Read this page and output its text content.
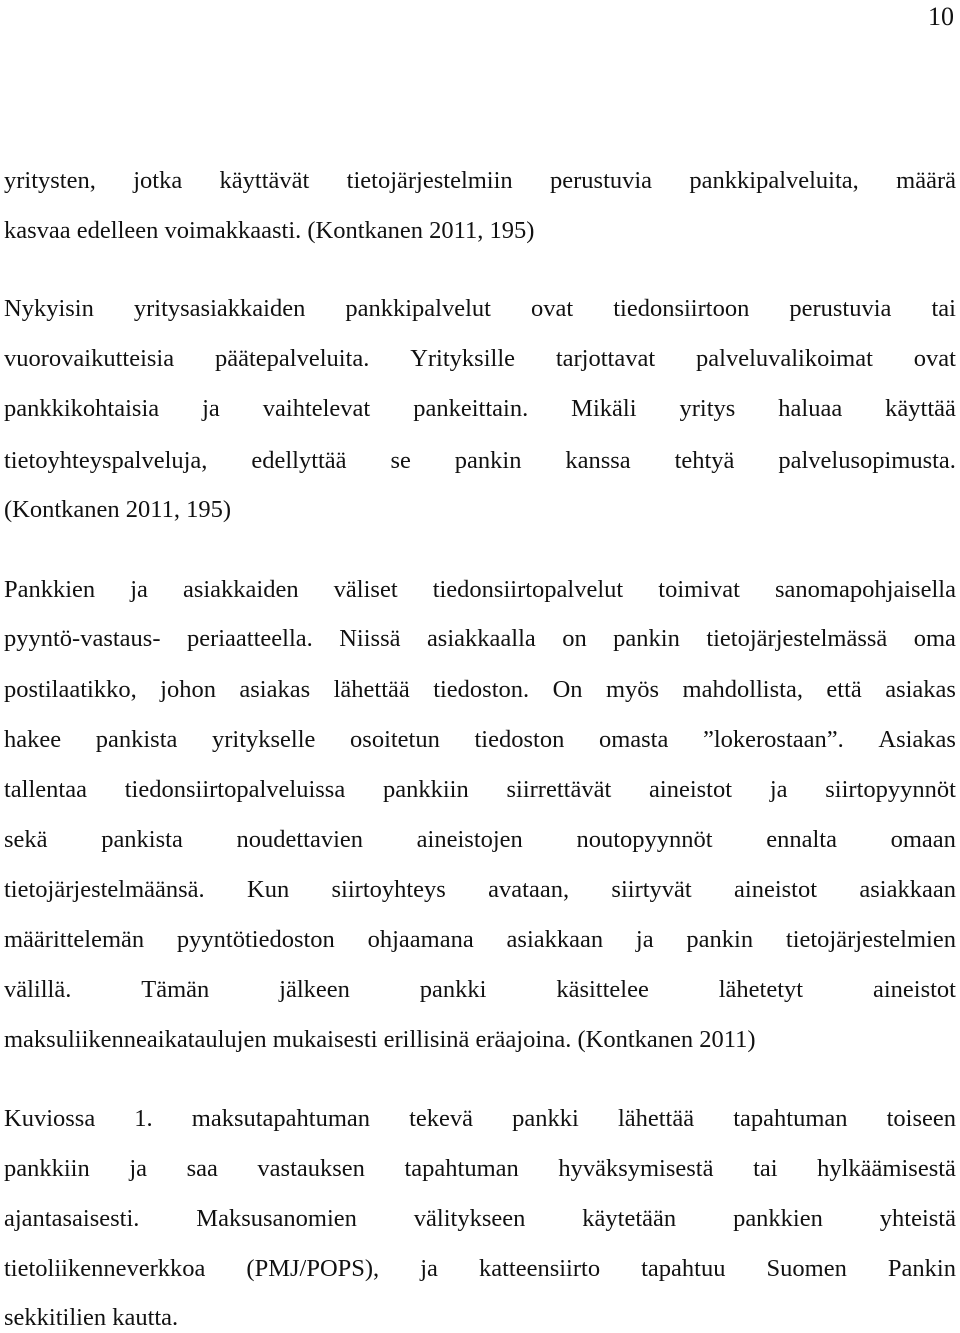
10
yritysten, jotka käyttävät tietojärjestelmiin perustuvia pankkipalveluita, määrä
kasvaa edelleen voimakkaasti. (Kontkanen 2011, 195)
Nykyisin yritysasiakkaiden pankkipalvelut ovat tiedonsiirtoon perustuvia tai
vuorovaikutteisia päätepalveluita. Yrityksille tarjottavat palveluvalikoimat ovat
pankkikohtaisia ja vaihtelevat pankeittain. Mikäli yritys haluaa käyttää
tietoyhteyspalveluja, edellyttää se pankin kanssa tehtyä palvelusopimusta.
(Kontkanen 2011, 195)
Pankkien ja asiakkaiden väliset tiedonsiirtopalvelut toimivat sanomapohjaisella
pyyntö-vastaus- periaatteella. Niissä asiakkaalla on pankin tietojärjestelmässä oma
postilaatikko, johon asiakas lähettää tiedoston. On myös mahdollista, että asiakas
hakee pankista yritykselle osoitetun tiedoston omasta ”lokerostaan”. Asiakas
tallentaa tiedonsiirtopalveluissa pankkiin siirrettävät aineistot ja siirtopyynnöt
sekä pankista noudettavien aineistojen noutopyynnöt ennalta omaan
tietojärjestelmäänsä. Kun siirtoyhteys avataan, siirtyvät aineistot asiakkaan
määrittelemän pyyntötiedoston ohjaamana asiakkaan ja pankin tietojärjestelmien
välillä.	Tämän	jälkeen	pankki	käsittelee	lähetetyt	aineistot
maksuliikenneaikataulujen mukaisesti erillisinä eräajoina. (Kontkanen 2011)
Kuviossa 1. maksutapahtuman tekevä pankki lähettää tapahtuman toiseen
pankkiin ja saa vastauksen tapahtuman hyväksymisestä tai hylkäämisestä
ajantasaisesti. Maksusanomien välitykseen käytetään pankkien yhteistä
tietoliikenneverkkoa (PMJ/POPS), ja katteensiirto tapahtuu Suomen Pankin
sekkitilien kautta.
